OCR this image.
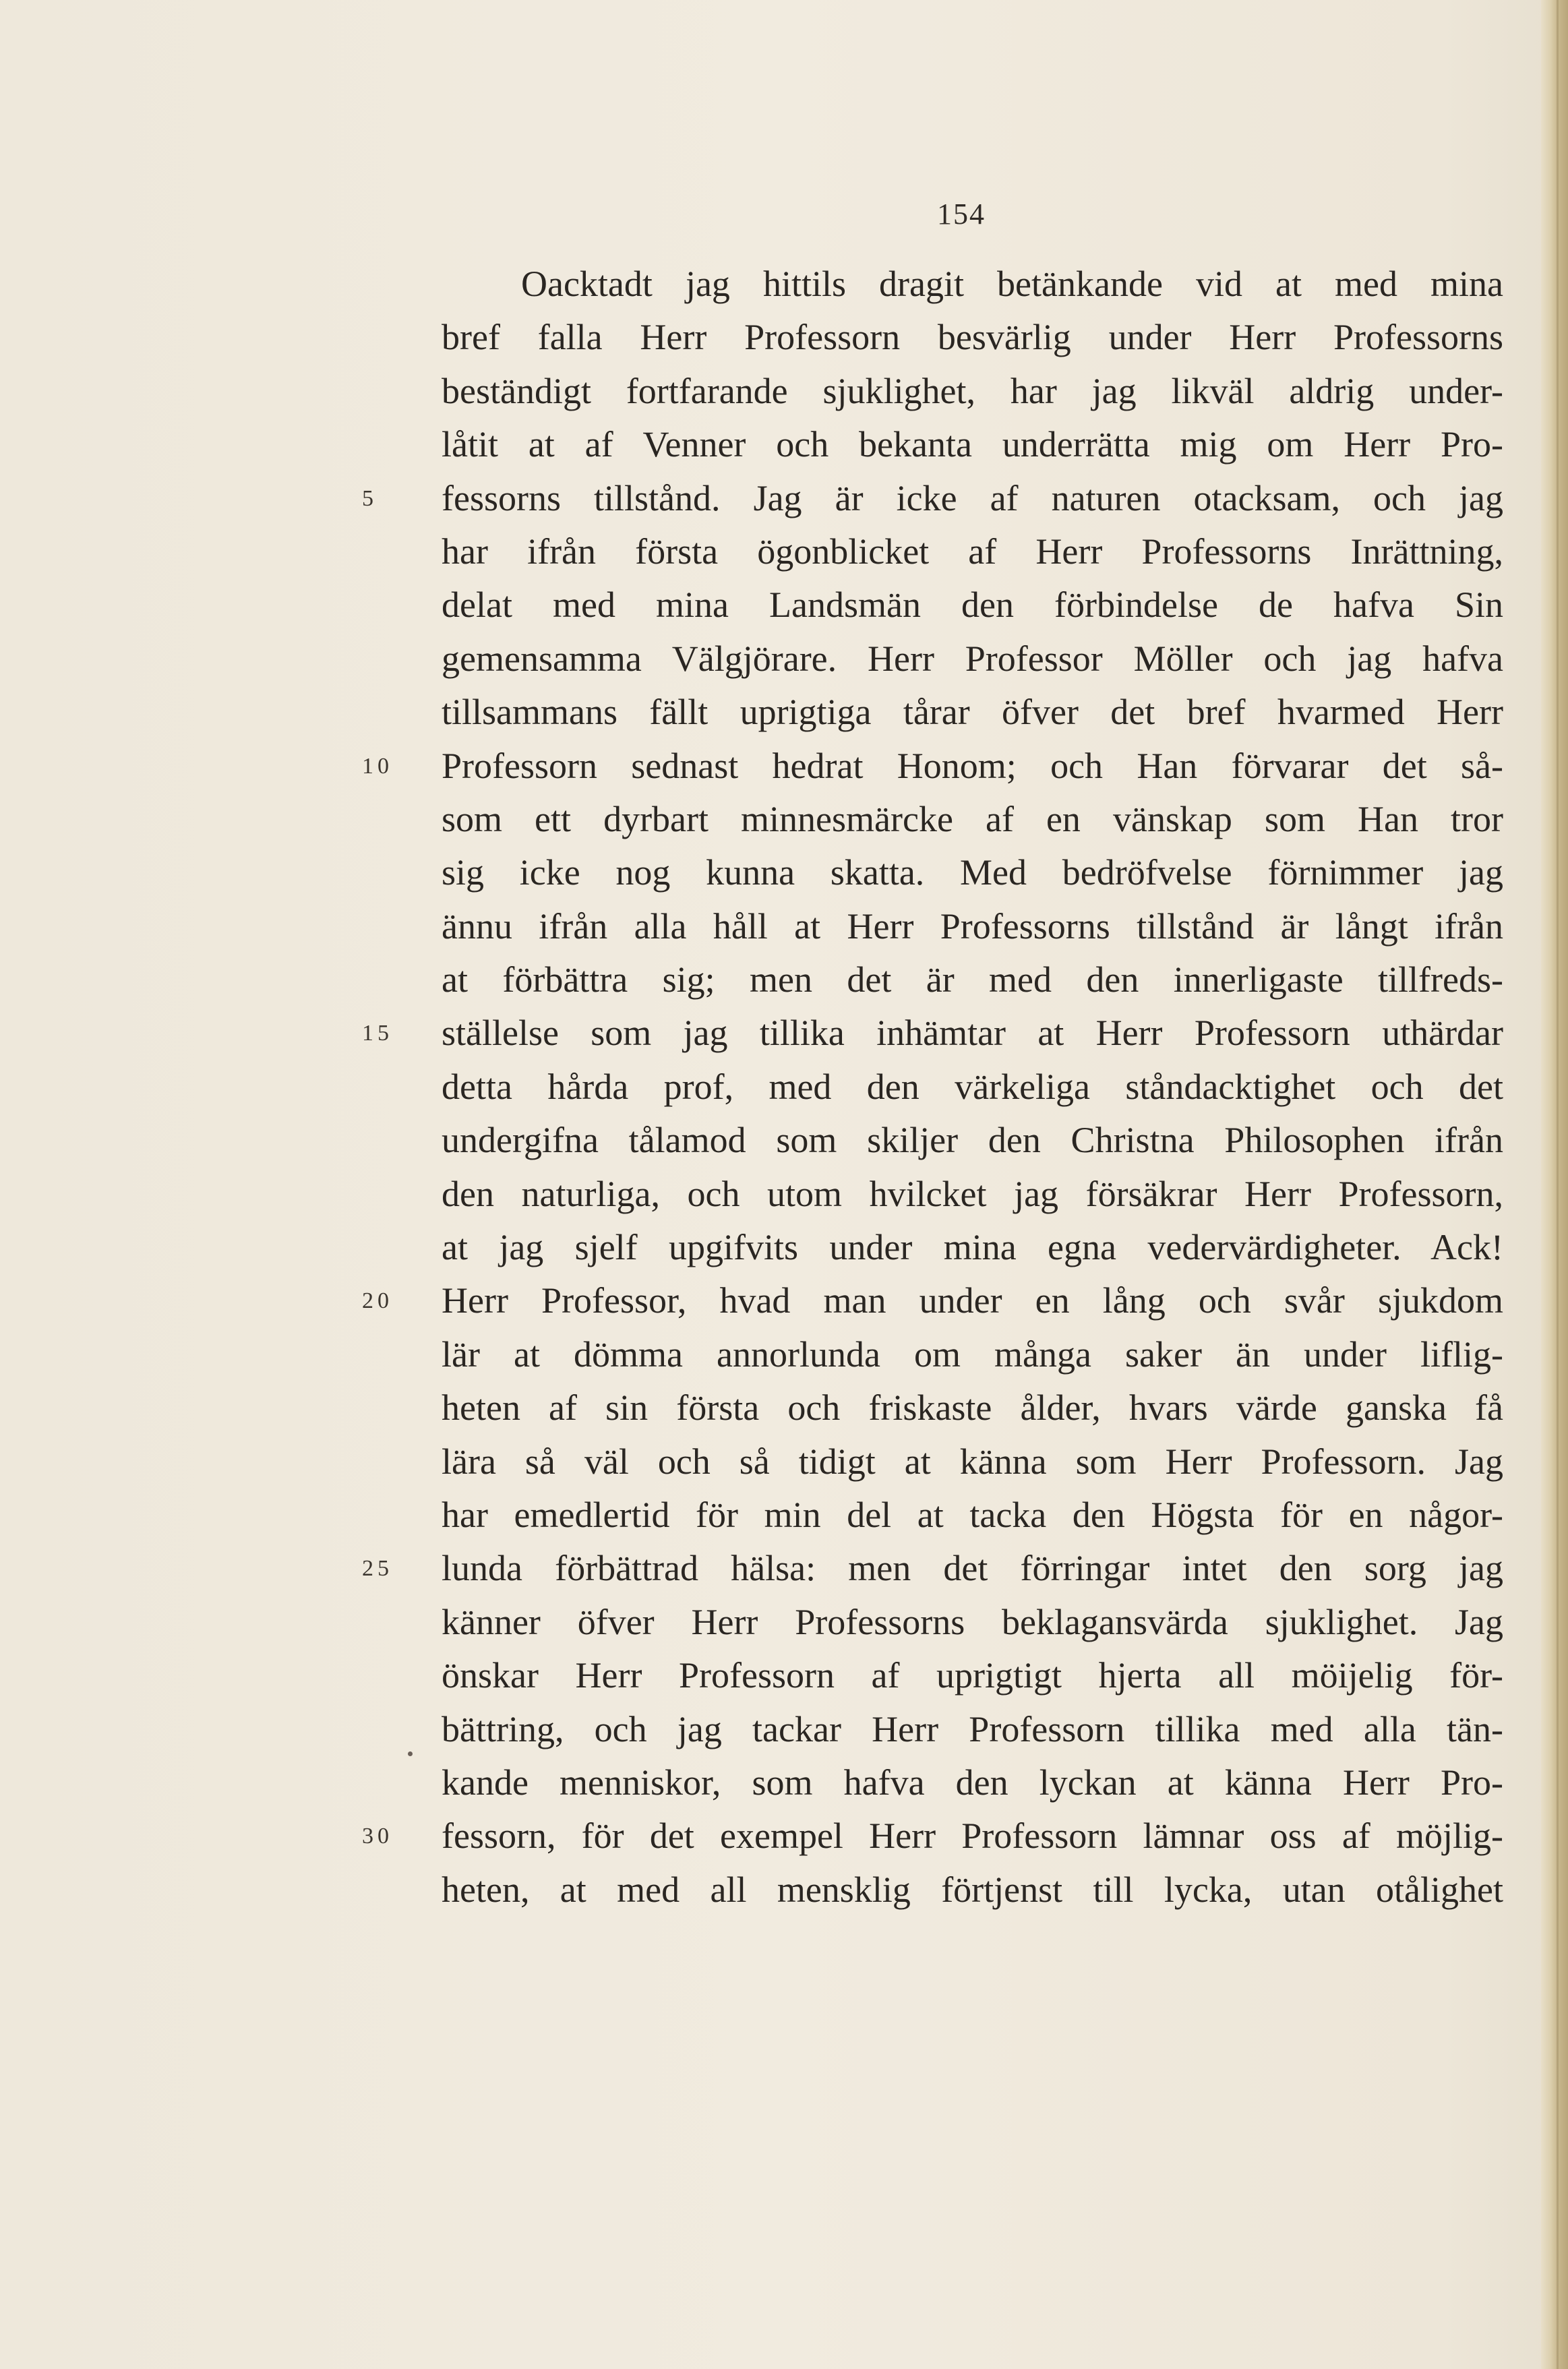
154
Oacktadt jag hittils dragit betänkande vid at med mina
bref falla Herr Professorn besvärlig under Herr Professorns
beständigt fortfarande sjuklighet, har jag likväl aldrig under-
låtit at af Venner och bekanta underrätta mig om Herr Pro-
5	fessorns tillstånd. Jag är icke af naturen otacksam, och jag
har ifrån första ögonblicket af Herr Professorns Inrättning,
delat med mina Landsmän den förbindelse de hafva Sin
gemensamma Välgjörare. Herr Professor Möller och jag hafva
tillsammans fällt uprigtiga tårar öfver det bref hvarmed Herr
10 Professorn sednast hedrat Honom; och Han förvarar det så-
som ett dyrbart minnesmärcke af en vänskap som Han tror
sig icke nog kunna skatta. Med bedröfvelse förnimmer jag
ännu ifrån alla håll at Herr Professorns tillstånd är långt ifrån
at förbättra sig; men det är med den innerligaste tillfreds-
15 ställelse som jag tillika inhämtar at Herr Professorn uthärdar
detta hårda prof, med den värkeliga ståndacktighet och det
undergifna tålamod som skiljer den Christna Philosophen ifrån
den naturliga, och utom hvilcket jag försäkrar Herr Professorn,
at jag sjelf upgifvits under mina egna vedervärdigheter. Ack!
20 Herr Professor, hvad man under en lång och svår sjukdom
lär at dömma annorlunda om många saker än under liflig-
heten af sin första och friskaste ålder, hvars värde ganska få
lära så väl och så tidigt at känna som Herr Professorn. Jag
har emedlertid för min del at tacka den Högsta för en någor-
25 lunda förbättrad hälsa: men det förringar intet den sorg jag
känner öfver Herr Professorns beklagansvärda sjuklighet. Jag
önskar Herr Professorn af uprigtigt hjerta all möijelig för-
bättring, och jag tackar Herr Professorn tillika med alla tän-
kande menniskor, som hafva den lyckan at känna Herr Pro-
30 fessorn, för det exempel Herr Professorn lämnar oss af möjlig-
heten, at med all mensklig förtjenst till lycka, utan otålighet
